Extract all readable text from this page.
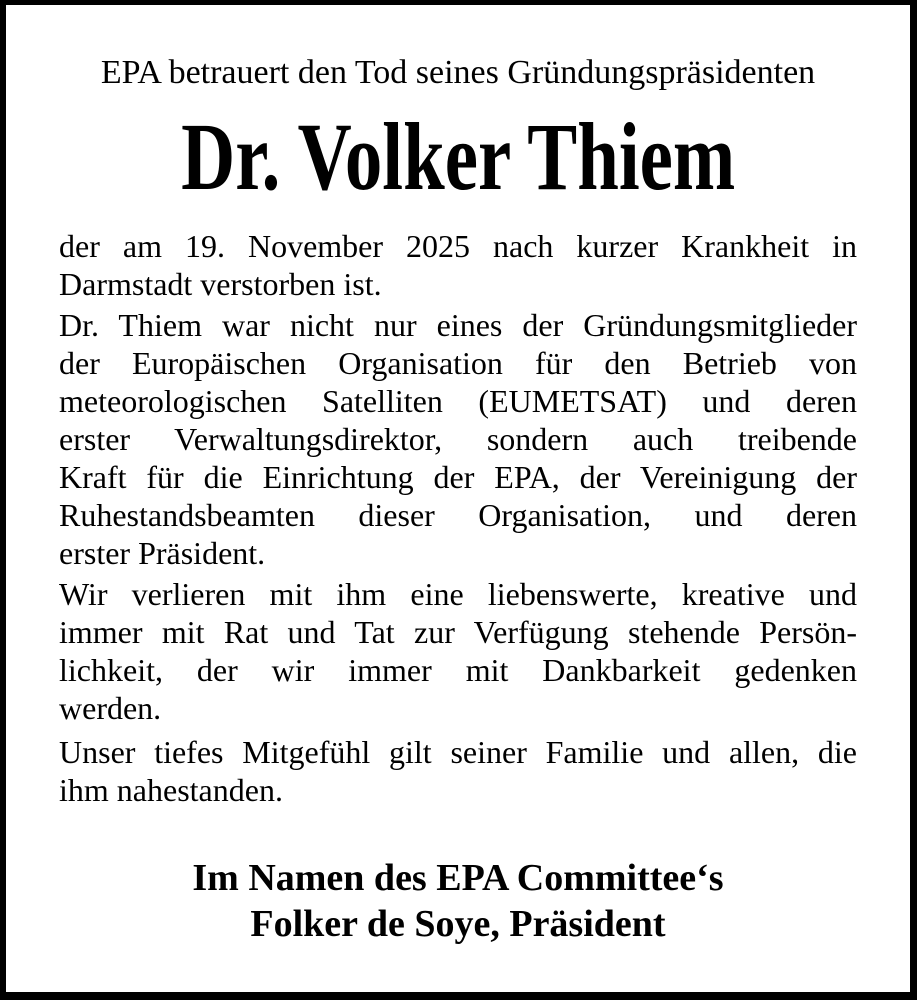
EPA betrauert den Tod seines Gründungspräsidenten
Dr. Volker Thiem
der am 19. November 2025 nach kurzer Krankheit in
Darmstadt verstorben ist.
Dr. Thiem war nicht nur eines der Gründungsmitglieder
der Europäischen Organisation für den Betrieb von
meteorologischen Satelliten (EUMETSAT) und deren
erster Verwaltungsdirektor, sondern auch treibende
Kraft für die Einrichtung der EPA, der Vereinigung der
Ruhestandsbeamten dieser Organisation, und deren
erster Präsident.
Wir verlieren mit ihm eine liebenswerte, kreative und
immer mit Rat und Tat zur Verfügung stehende Persön-
lichkeit, der wir immer mit Dankbarkeit gedenken
werden.
Unser tiefes Mitgefühl gilt seiner Familie und allen, die
ihm nahestanden.
Im Namen des EPA Committee‘s
Folker de Soye, Präsident
